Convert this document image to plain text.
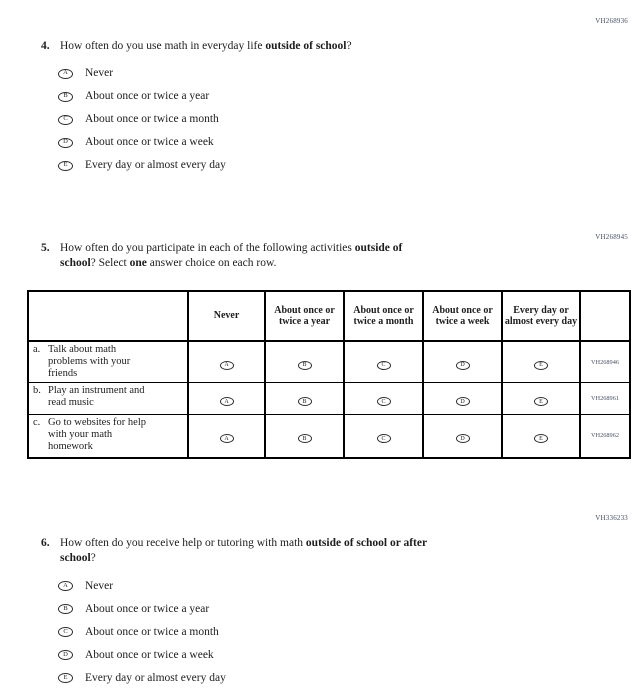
VH268936
4. How often do you use math in everyday life outside of school?

A	Never
B	About once or twice a year
C	About once or twice a month
D	About once or twice a week
E	Every day or almost every day
VH268945
5. How often do you participate in each of the following activities outside of
school? Select one answer choice on each row.

	Never	About once or twice a year	About once or twice a month	About once or twice a week	Every day or almost every day	

a. Talk about math problems with your friends	A	B	C	D	E	VH268946

b. Play an instrument and read music	A	B	C	D	E	VH268961

c. Go to websites for help with your math homework	A	B	C	D	E	VH268962
VH336233
6. How often do you receive help or tutoring with math outside of school or after
school?

A	Never
B	About once or twice a year
C	About once or twice a month
D	About once or twice a week
E	Every day or almost every day
